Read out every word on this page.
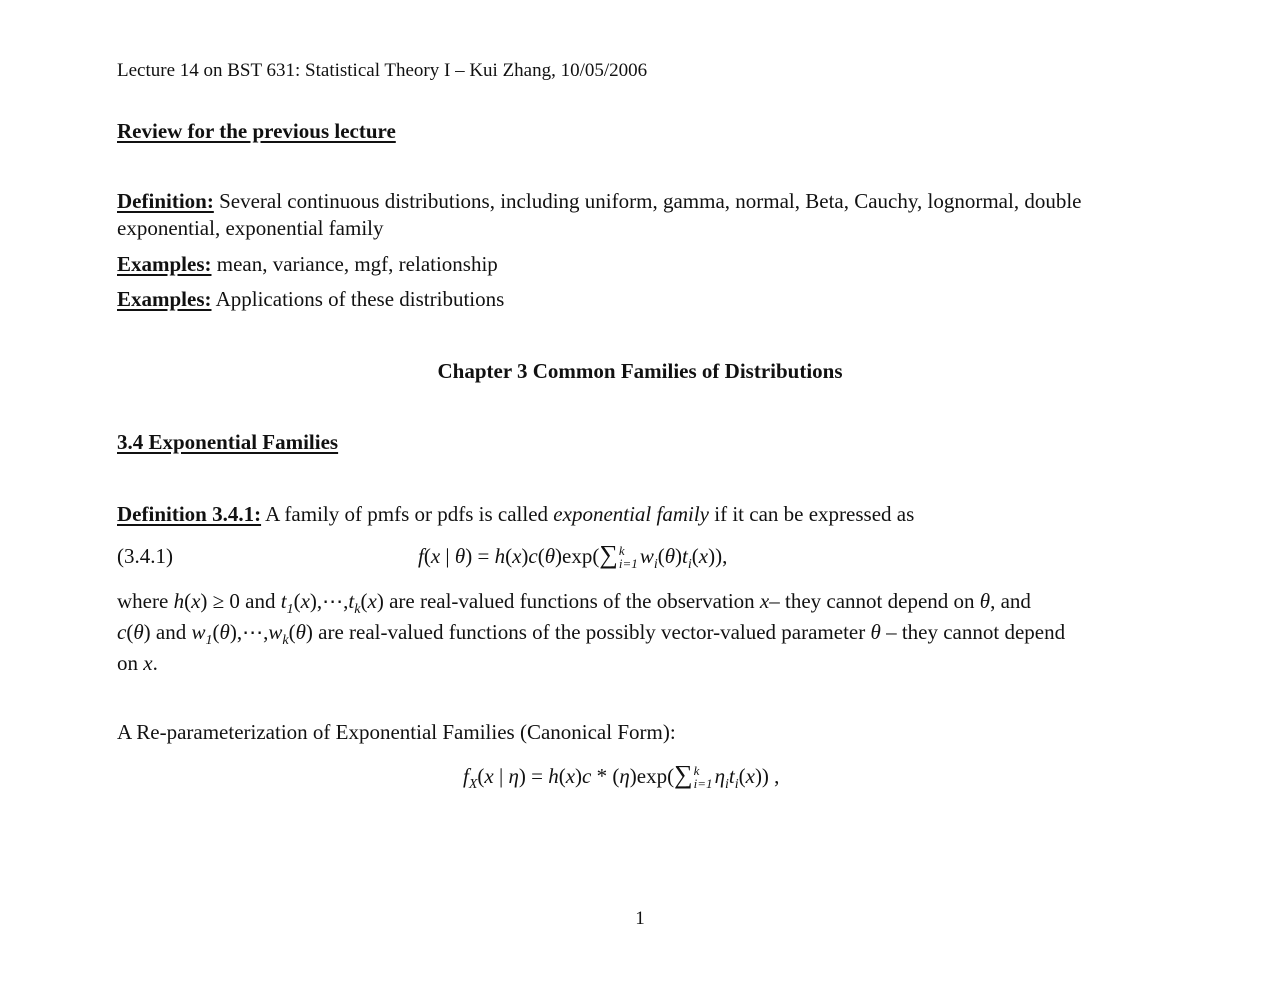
Lecture 14 on BST 631: Statistical Theory I – Kui Zhang, 10/05/2006
Review for the previous lecture
Definition: Several continuous distributions, including uniform, gamma, normal, Beta, Cauchy, lognormal, double
exponential, exponential family
Examples: mean, variance, mgf, relationship
Examples: Applications of these distributions
Chapter 3 Common Families of Distributions
3.4 Exponential Families
Definition 3.4.1: A family of pmfs or pdfs is called exponential family if it can be expressed as
(3.4.1)	f(x | θ) = h(x)c(θ)exp(∑ k
i=1 $w_i(\theta)t_i(x)$),
where h(x) ≥ 0 and $t_1(x),\cdots,t_k(x)$ are real-valued functions of the observation x– they cannot depend on θ, and
c(θ) and $w_1(\theta),\cdots,w_k(\theta)$ are real-valued functions of the possibly vector-valued parameter θ – they cannot depend
on x.
A Re-parameterization of Exponential Families (Canonical Form):
$f_X(x$ | η) = h(x)c * (η)exp(∑ k
i=1 $\eta_it_i(x)$) ,
1
